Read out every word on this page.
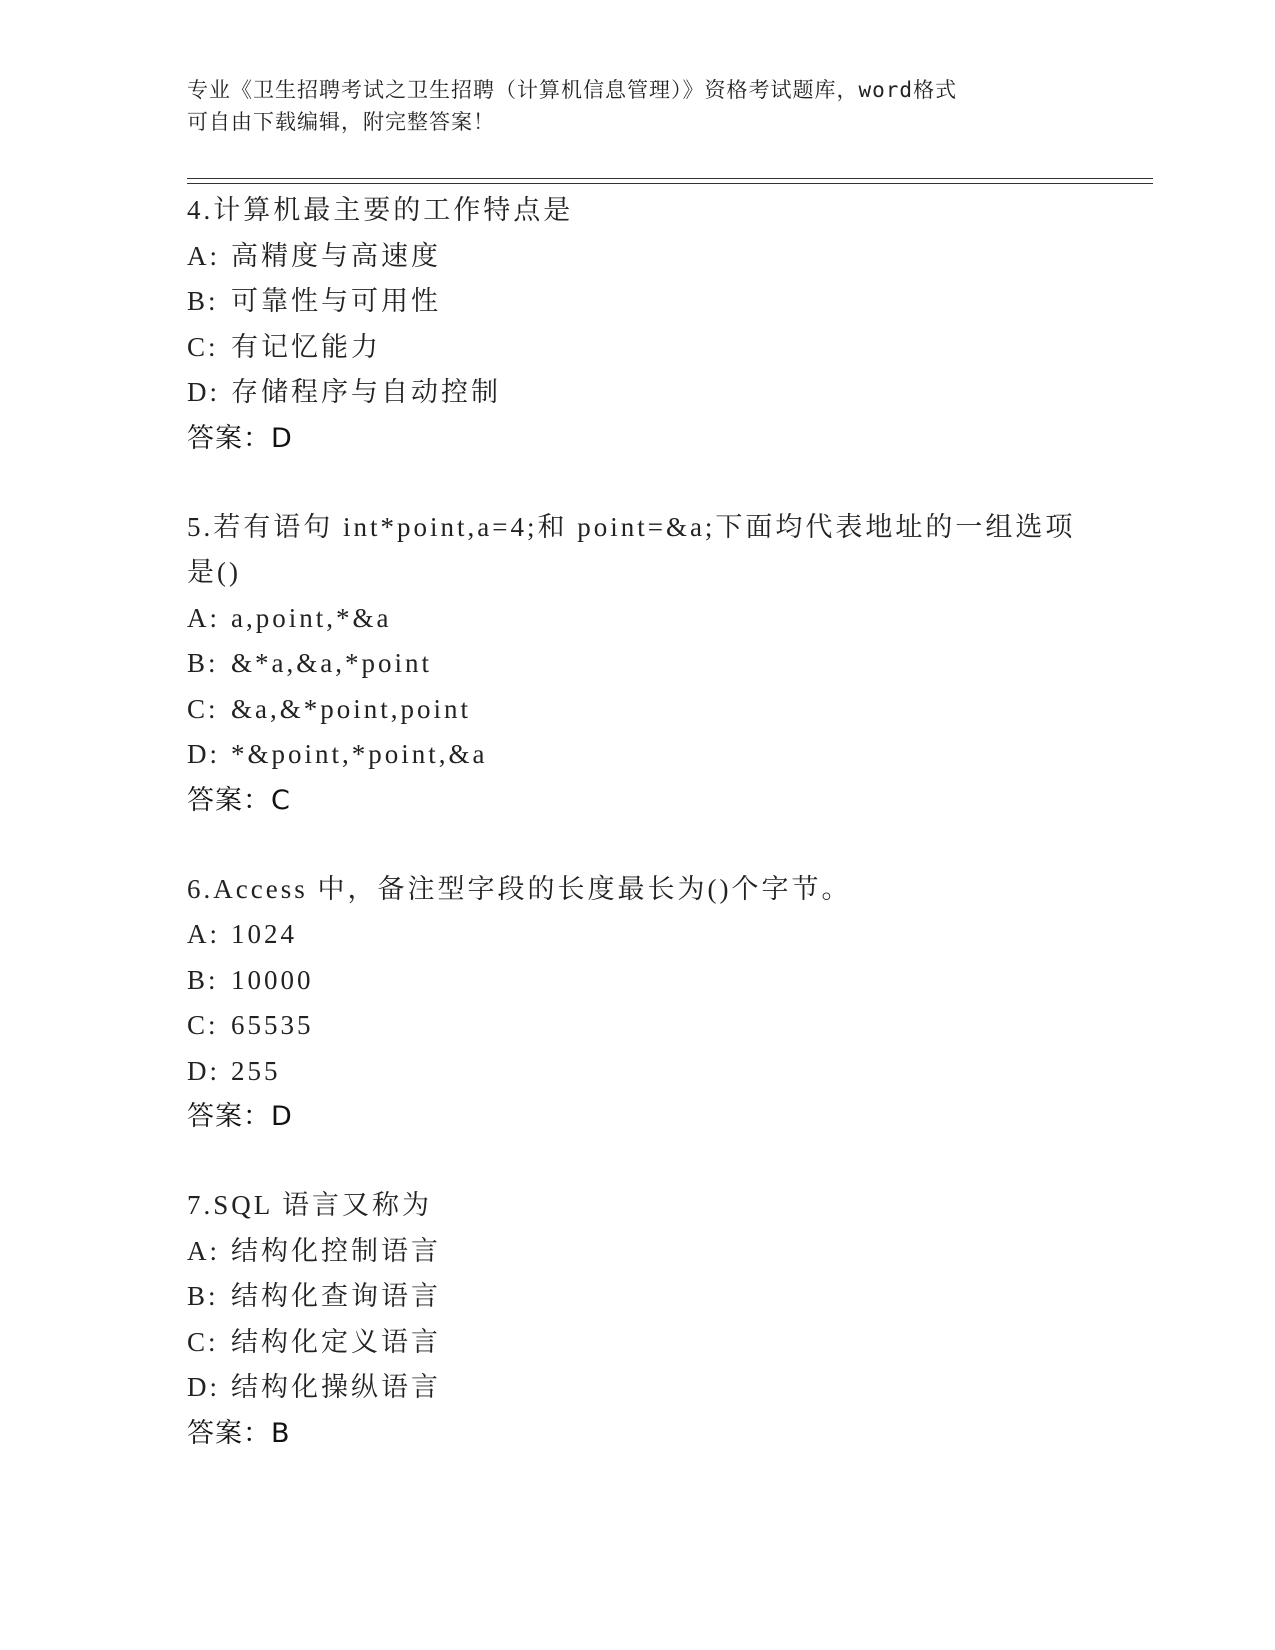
专业《卫生招聘考试之卫生招聘（计算机信息管理）》资格考试题库，word格式
可自由下载编辑，附完整答案！
4.计算机最主要的工作特点是
A: 高精度与高速度
B: 可靠性与可用性
C: 有记忆能力
D: 存储程序与自动控制
答案：D
5.若有语句 int*point,a=4;和 point=&a;下面均代表地址的一组选项
是()
A: a,point,*&a
B: &*a,&a,*point
C: &a,&*point,point
D: *&point,*point,&a
答案：C
6.Access 中，备注型字段的长度最长为()个字节。
A: 1024
B: 10000
C: 65535
D: 255
答案：D
7.SQL 语言又称为
A: 结构化控制语言
B: 结构化查询语言
C: 结构化定义语言
D: 结构化操纵语言
答案：B
